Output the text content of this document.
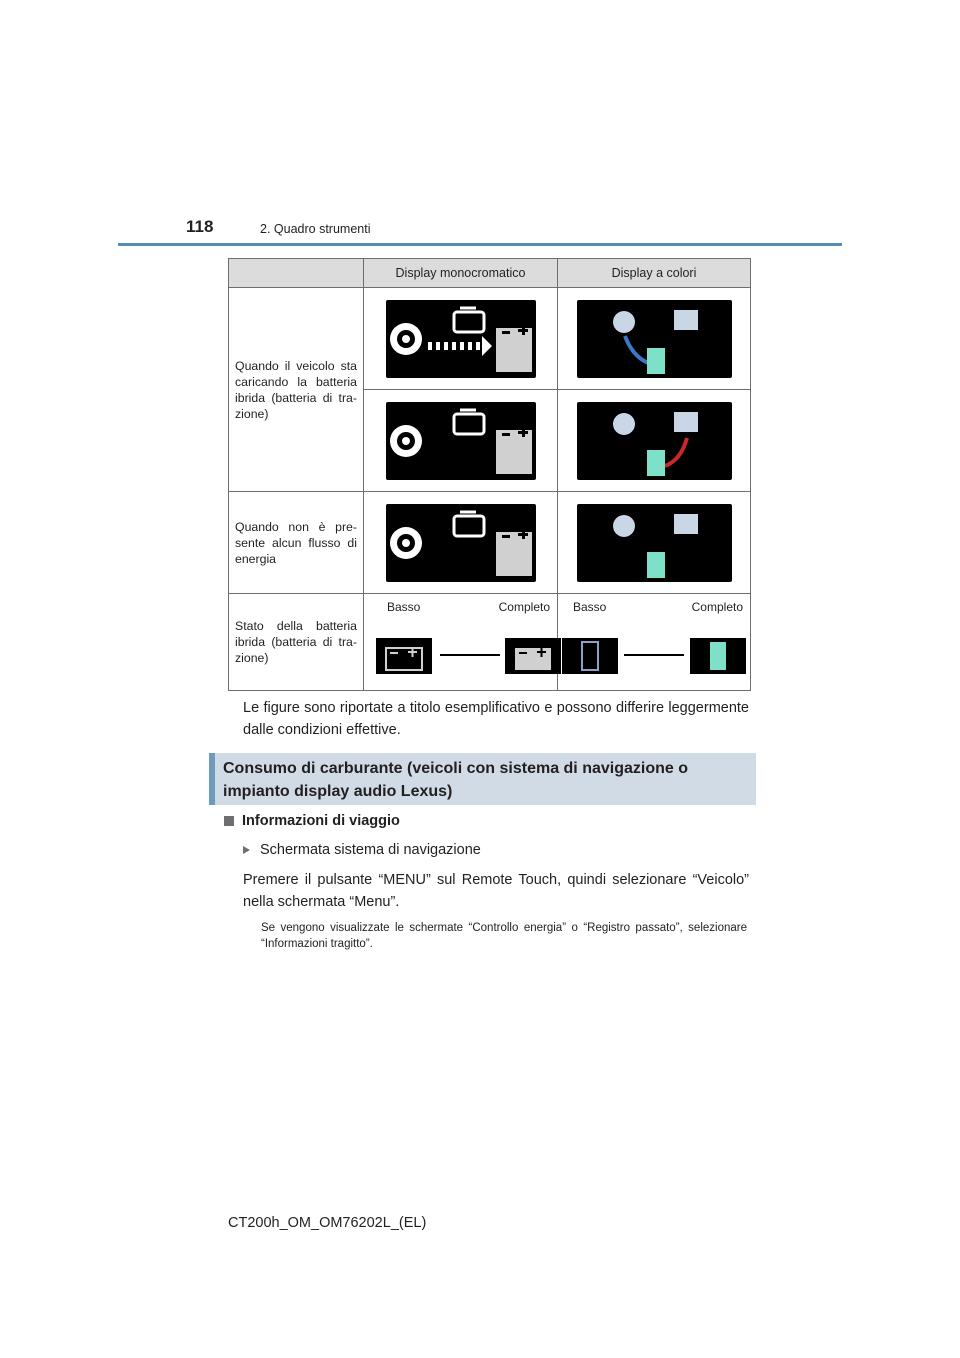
118	2. Quadro strumenti
	Display monocromatico	Display a colori
Quando il veicolo sta caricando la batteria ibrida (batteria di trazione)		

Quando non è presente alcun flusso di energia		
Stato della batteria ibrida (batteria di trazione)	Basso Completo	Basso Completo
Le figure sono riportate a titolo esemplificativo e possono differire leggermente dalle condizioni effettive.
Consumo di carburante (veicoli con sistema di navigazione o impianto display audio Lexus)
Informazioni di viaggio
Schermata sistema di navigazione
Premere il pulsante “MENU” sul Remote Touch, quindi selezionare “Veicolo” nella schermata “Menu”.
Se vengono visualizzate le schermate “Controllo energia” o “Registro passato”, selezionare “Informazioni tragitto”.
CT200h_OM_OM76202L_(EL)
